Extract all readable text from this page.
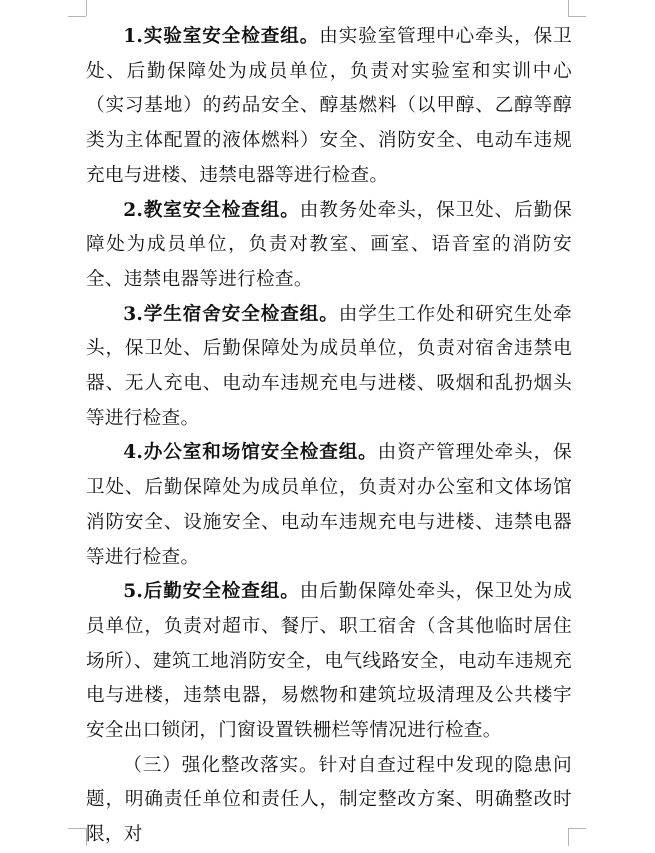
1.实验室安全检查组。由实验室管理中心牵头，保卫处、后勤保障处为成员单位，负责对实验室和实训中心（实习基地）的药品安全、醇基燃料（以甲醇、乙醇等醇类为主体配置的液体燃料）安全、消防安全、电动车违规充电与进楼、违禁电器等进行检查。

2.教室安全检查组。由教务处牵头，保卫处、后勤保障处为成员单位，负责对教室、画室、语音室的消防安全、违禁电器等进行检查。

3.学生宿舍安全检查组。由学生工作处和研究生处牵头，保卫处、后勤保障处为成员单位，负责对宿舍违禁电器、无人充电、电动车违规充电与进楼、吸烟和乱扔烟头等进行检查。

4.办公室和场馆安全检查组。由资产管理处牵头，保卫处、后勤保障处为成员单位，负责对办公室和文体场馆消防安全、设施安全、电动车违规充电与进楼、违禁电器等进行检查。

5.后勤安全检查组。由后勤保障处牵头，保卫处为成员单位，负责对超市、餐厅、职工宿舍（含其他临时居住场所）、建筑工地消防安全，电气线路安全，电动车违规充电与进楼，违禁电器，易燃物和建筑垃圾清理及公共楼宇安全出口锁闭，门窗设置铁栅栏等情况进行检查。

（三）强化整改落实。针对自查过程中发现的隐患问题，明确责任单位和责任人，制定整改方案、明确整改时限，对
